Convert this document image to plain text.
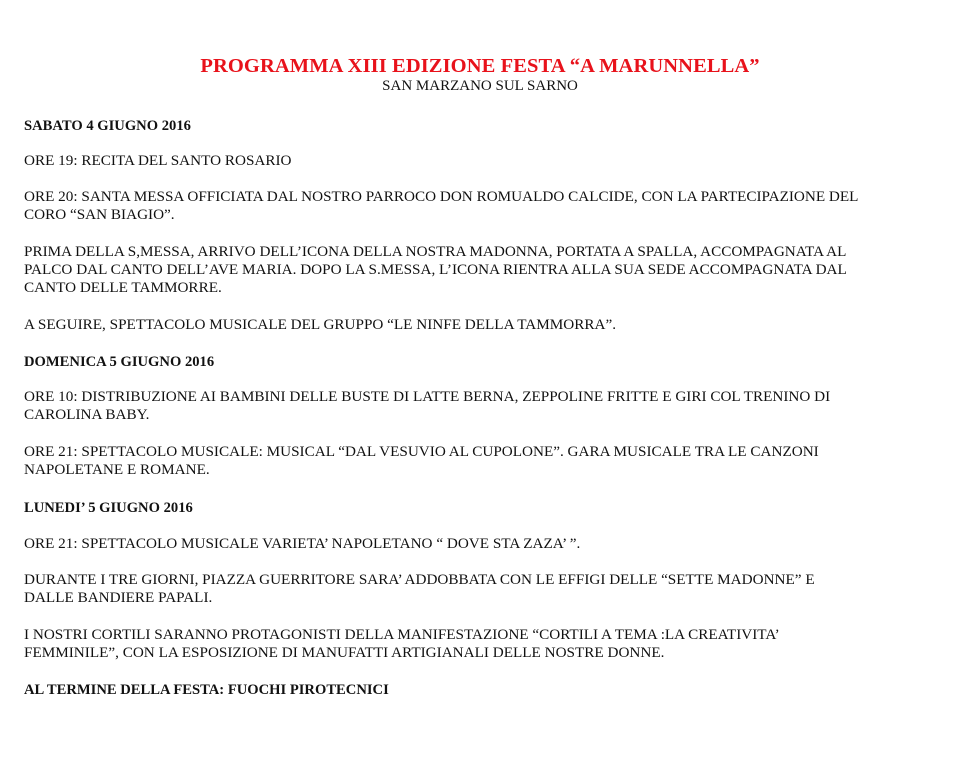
PROGRAMMA XIII EDIZIONE FESTA “A MARUNNELLA”
SAN MARZANO SUL SARNO
SABATO 4 GIUGNO 2016
ORE 19: RECITA DEL SANTO ROSARIO
ORE 20: SANTA MESSA OFFICIATA DAL NOSTRO PARROCO DON ROMUALDO CALCIDE, CON LA PARTECIPAZIONE DEL
CORO “SAN BIAGIO”.
PRIMA DELLA S,MESSA, ARRIVO DELL’ICONA DELLA NOSTRA MADONNA, PORTATA A SPALLA, ACCOMPAGNATA AL
PALCO DAL CANTO DELL’AVE MARIA. DOPO LA S.MESSA, L’ICONA RIENTRA ALLA SUA SEDE ACCOMPAGNATA DAL
CANTO DELLE TAMMORRE.
A SEGUIRE, SPETTACOLO MUSICALE DEL GRUPPO “LE NINFE DELLA TAMMORRA”.
DOMENICA 5 GIUGNO 2016
ORE 10: DISTRIBUZIONE AI BAMBINI DELLE BUSTE DI LATTE BERNA, ZEPPOLINE FRITTE E GIRI COL TRENINO DI
CAROLINA BABY.
ORE 21: SPETTACOLO MUSICALE: MUSICAL “DAL VESUVIO AL CUPOLONE”. GARA MUSICALE TRA LE CANZONI
NAPOLETANE E ROMANE.
LUNEDI’ 5 GIUGNO 2016
ORE 21: SPETTACOLO MUSICALE VARIETA’ NAPOLETANO “ DOVE STA ZAZA’ ”.
DURANTE I TRE GIORNI, PIAZZA GUERRITORE SARA’ ADDOBBATA CON LE EFFIGI DELLE “SETTE MADONNE” E
DALLE BANDIERE PAPALI.
I NOSTRI CORTILI SARANNO PROTAGONISTI DELLA MANIFESTAZIONE “CORTILI A TEMA :LA CREATIVITA’
FEMMINILE”, CON LA ESPOSIZIONE DI MANUFATTI ARTIGIANALI DELLE NOSTRE DONNE.
AL TERMINE DELLA FESTA: FUOCHI PIROTECNICI
